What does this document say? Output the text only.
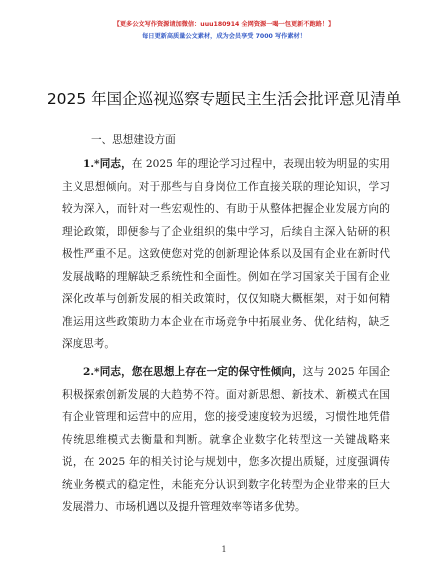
【更多公文写作资源请加微信：uuu180914 全网资源一喝一包更新不跑路！】
每日更新高质量公文素材，成为会员享受 7000 写作素材！
2025 年国企巡视巡察专题民主生活会批评意见清单
一、思想建设方面

1.*同志，在 2025 年的理论学习过程中，表现出较为明显的实用主义思想倾向。对于那些与自身岗位工作直接关联的理论知识，学习较为深入，而针对一些宏观性的、有助于从整体把握企业发展方向的理论政策，即便参与了企业组织的集中学习，后续自主深入钻研的积极性严重不足。这致使您对党的创新理论体系以及国有企业在新时代发展战略的理解缺乏系统性和全面性。例如在学习国家关于国有企业深化改革与创新发展的相关政策时，仅仅知晓大概框架，对于如何精准运用这些政策助力本企业在市场竞争中拓展业务、优化结构，缺乏深度思考。

2.*同志，您在思想上存在一定的保守性倾向，这与 2025 年国企积极探索创新发展的大趋势不符。面对新思想、新技术、新模式在国有企业管理和运营中的应用，您的接受速度较为迟缓，习惯性地凭借传统思维模式去衡量和判断。就拿企业数字化转型这一关键战略来说，在 2025 年的相关讨论与规划中，您多次提出质疑，过度强调传统业务模式的稳定性，未能充分认识到数字化转型为企业带来的巨大发展潜力、市场机遇以及提升管理效率等诸多优势。

1
